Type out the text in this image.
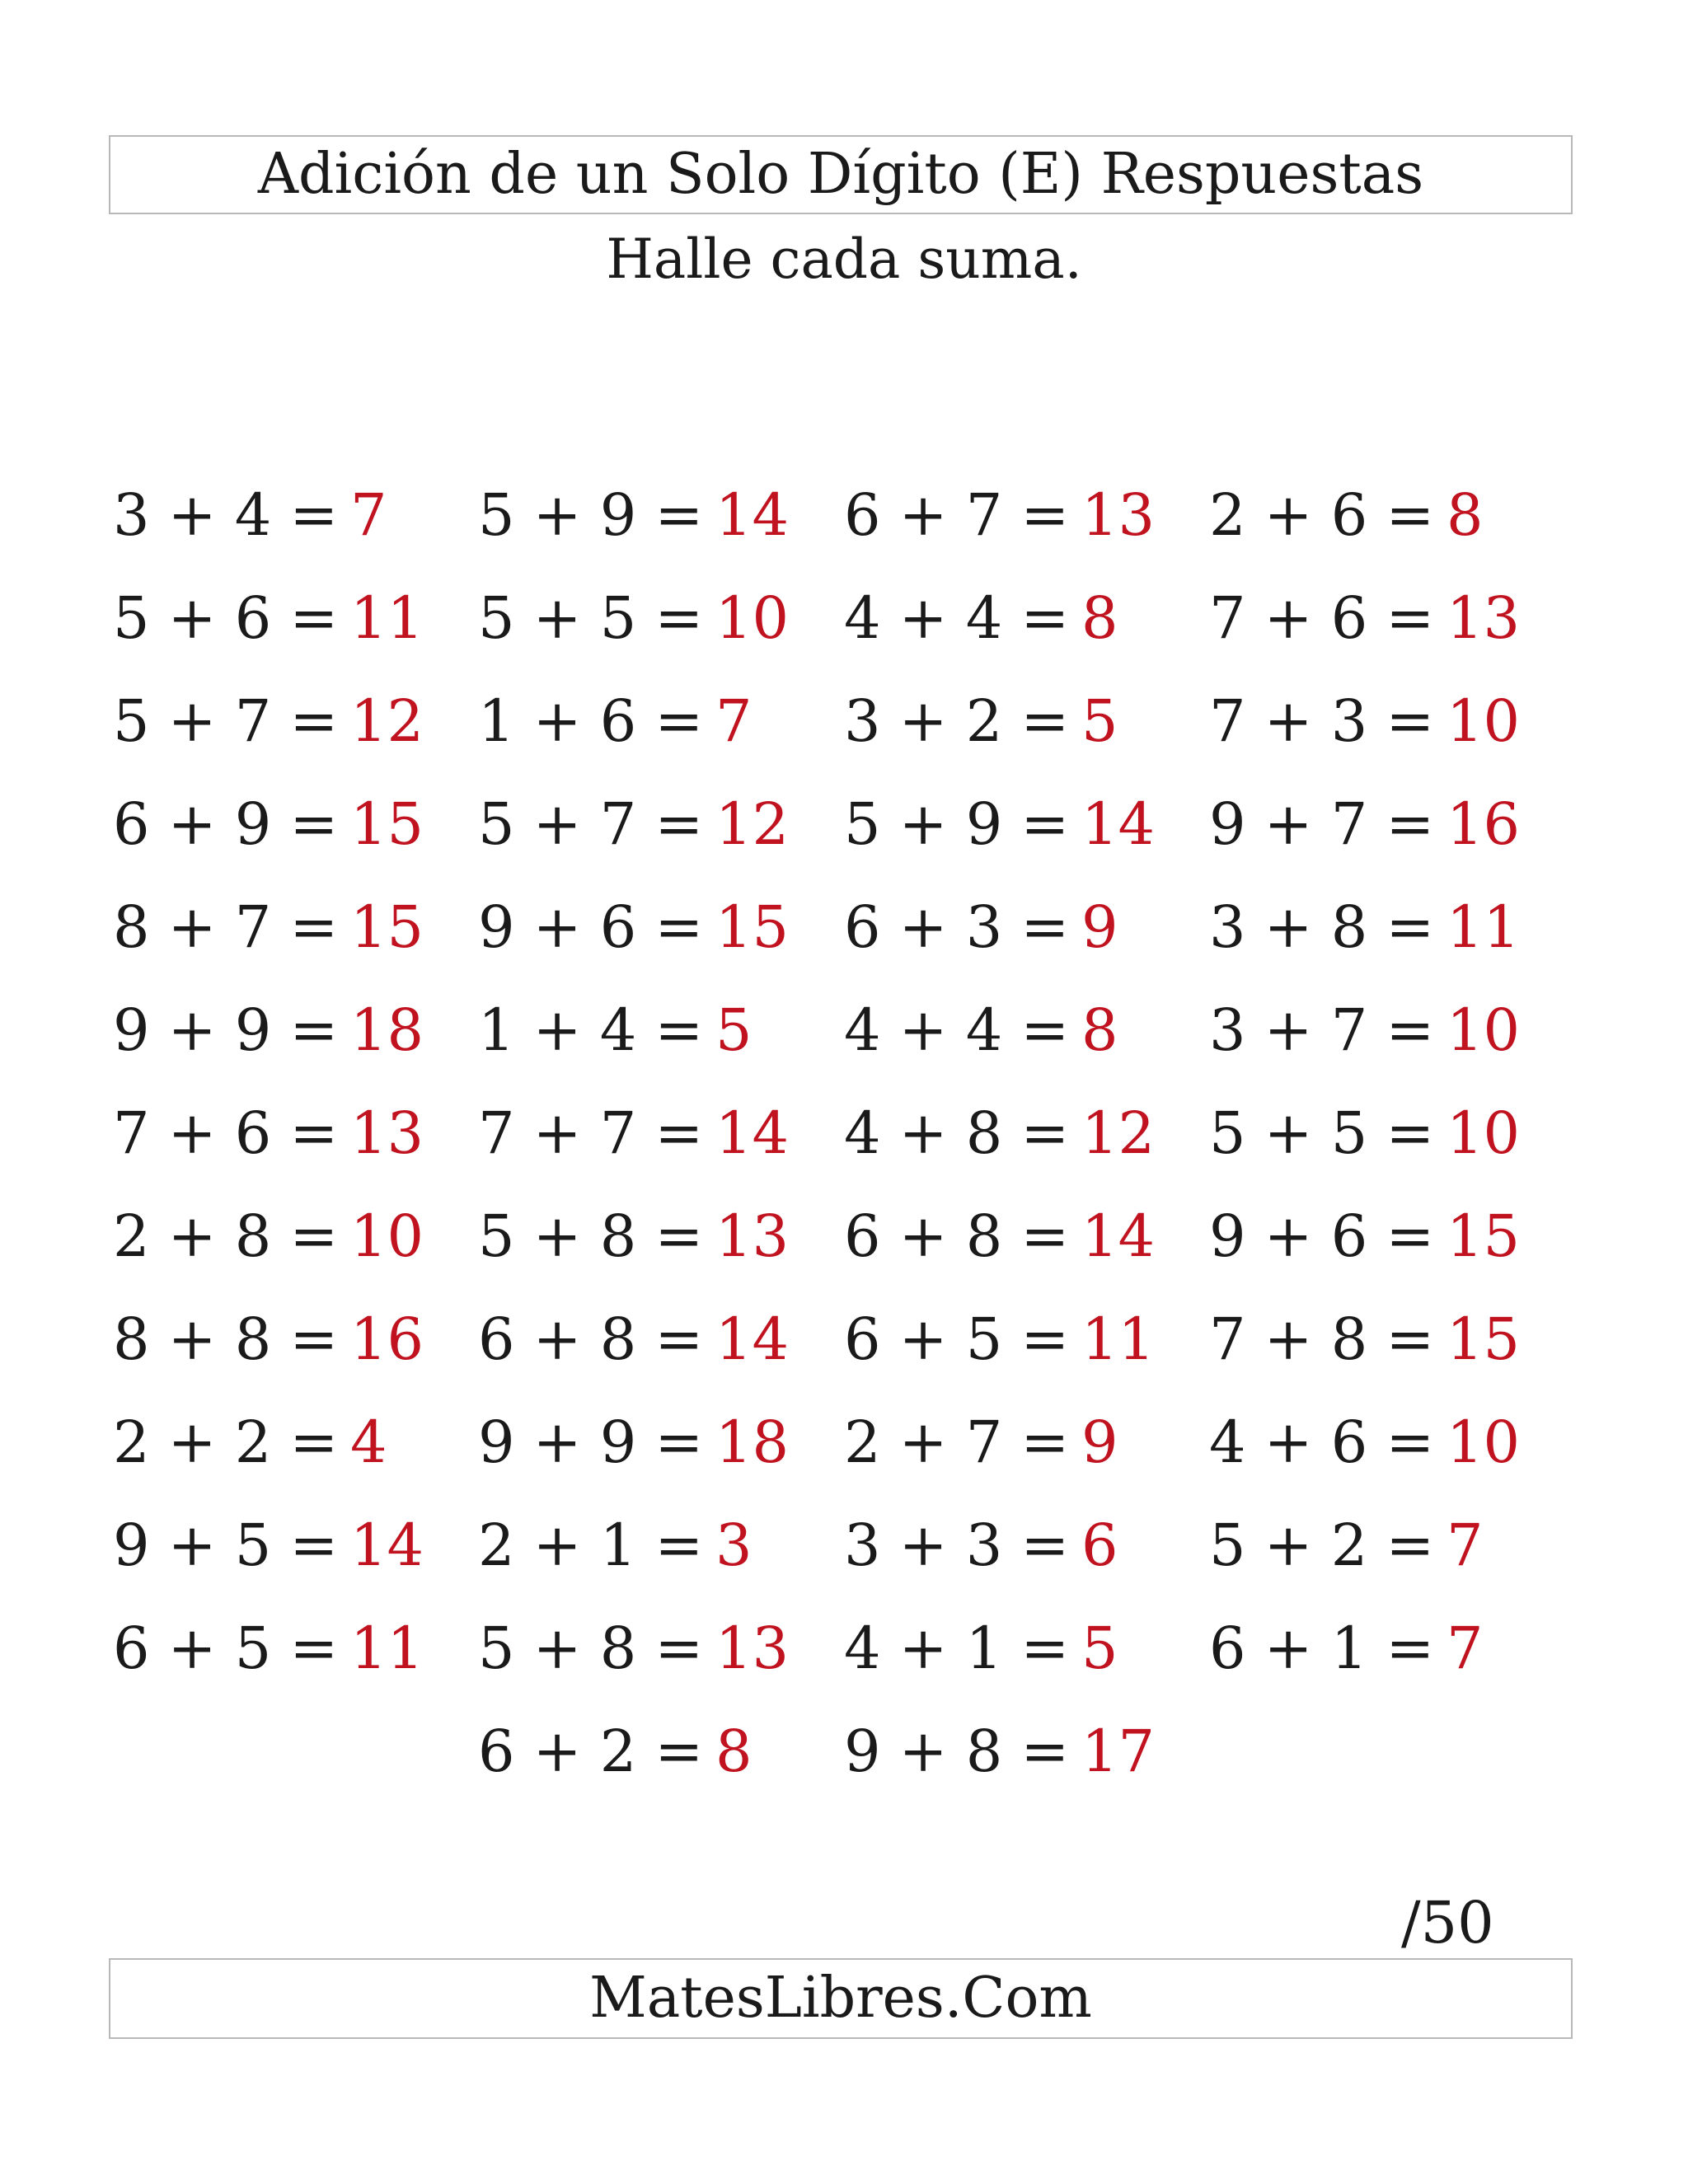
Adición de un Solo Dígito (E) Respuestas
Halle cada suma.
3 + 4 = 7
5 + 6 = 11
5 + 7 = 12
6 + 9 = 15
8 + 7 = 15
9 + 9 = 18
7 + 6 = 13
2 + 8 = 10
8 + 8 = 16
2 + 2 = 4
9 + 5 = 14
6 + 5 = 11
5 + 9 = 14
5 + 5 = 10
1 + 6 = 7
5 + 7 = 12
9 + 6 = 15
1 + 4 = 5
7 + 7 = 14
5 + 8 = 13
6 + 8 = 14
9 + 9 = 18
2 + 1 = 3
5 + 8 = 13
6 + 2 = 8
6 + 7 = 13
4 + 4 = 8
3 + 2 = 5
5 + 9 = 14
6 + 3 = 9
4 + 4 = 8
4 + 8 = 12
6 + 8 = 14
6 + 5 = 11
2 + 7 = 9
3 + 3 = 6
4 + 1 = 5
9 + 8 = 17
2 + 6 = 8
7 + 6 = 13
7 + 3 = 10
9 + 7 = 16
3 + 8 = 11
3 + 7 = 10
5 + 5 = 10
9 + 6 = 15
7 + 8 = 15
4 + 6 = 10
5 + 2 = 7
6 + 1 = 7
/50
MatesLibres.Com
